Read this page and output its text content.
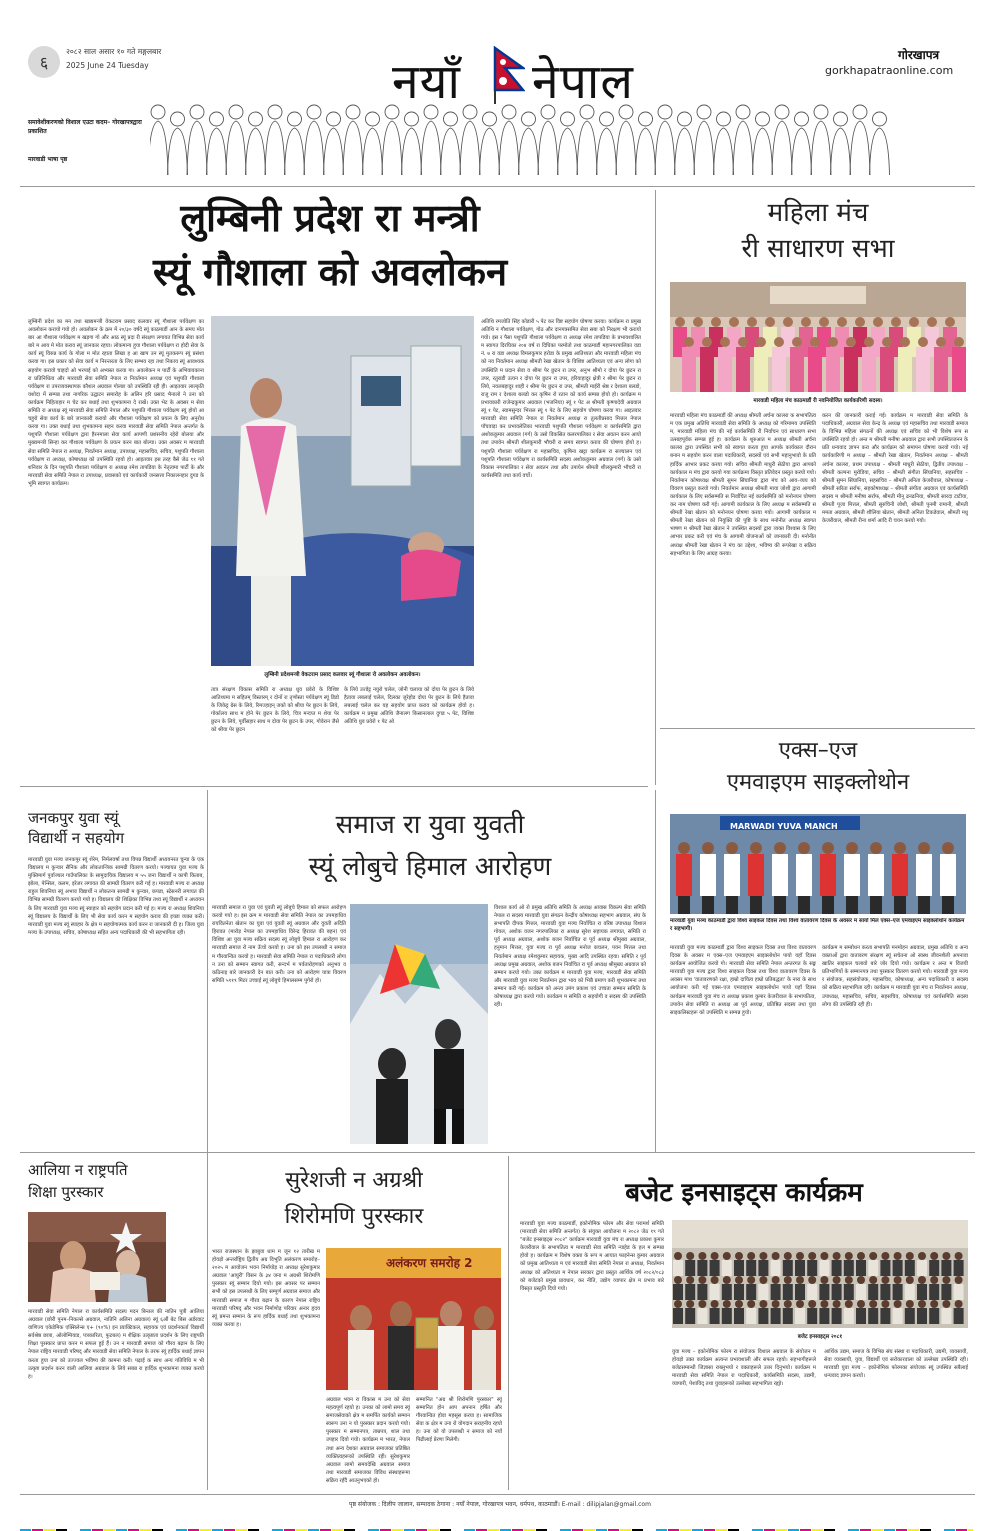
६
२०८२ साल असार १० गते मङ्गलबार
2025 June 24 Tuesday	नयाँ नेपाल	गोरखापत्र
gorkhapatraonline.com
समावेशीकरणको विशाल एउटा कदम– गोरखापत्रद्वारा प्रकाशित
मारवाडी भाषा पृष्ठ
लुम्बिनी प्रदेश रा मन्त्री
स्यूं गौशाला को अवलोकन
लुम्बिनी प्रदेश का मन तथा खाद्यमन्त्री वेकटराम प्रसाद कलवार स्यूं गौशाला पर्यवेक्षण का अवलोकन करायो गयो हो। अवलोकन के क्रम में २०/३० वर्षदे स्यूं काठमाडौं आन के समय मोत बार आ गौशाला पर्यवेक्षण म खड़गा गो और आठ स्यूं प्रदा री संरक्षण लगायत विभिन्न सेवा कार्य बारे म आय मे मोत कराव स्यूं जानकार रहया। लोकमान्य हुया गौशाला पर्यवेक्षण रा होदी सेवा के कार्य स्यूं विरुन्न कार्य के गोला म मोत रहाता लिखा ह आ खाप उन स्यूं मुतकरूप स्यूं प्रसंशा करया गा। इस प्रकार को सेवा कार्य म निरन्तरता के लिए सम्भव रहा तथा निकाय स्यूं आवश्यक सहयोग करावो चाहदो ओ भरपाई को अभ्यस्त करया गा। अवलोकन म पार्टी के अभिवावकाना रा प्रतिनिधित्व और मारवाडी सेवा समिति नेपाल रा निवर्तमान अध्यक्ष एवं पशुपति गौशाला पर्यवेक्षण रा उपरव्यवस्थापक कौशल अग्रवाल गोल्छा को उपस्थिति रही ही। आइतवार लाल्कृति यशोदा में सम्पन्न तथा नागरिक उद्घाटन समारोह के अलिन हरि प्रसाद भैनालो ने उना को कार्यक्रम निहिताहार म चेट कर बधाई तथा शुभकामना दे राखें। उक्त भेट के अवसर म सेवा समिति रा अध्यक्ष स्यूं मारवाडी सेवा समिति नेपाल और पशुपति गौशाला पर्यवेक्षण स्यूं होयो आ चहुरो सेवा कार्य के बारे जानकारी करायो और गौशाला पर्यवेक्षण को प्रयत्न के लिए अनुरोध करया गा। उक्त बधाई तथा शुभकामना सहन करवा मारवाडी सेवा समिति नेपाल अन्तर्गत के पशुपति गौशाला पर्यवेक्षण द्वारा हैरनमाला सेवा कार्य आपणी प्रशंसनीय रहेरो बोलया और मुख्यमन्त्री सिन्हा कर गौशाला पर्यवेक्षण के प्रयत्न करन बात बोल्या। उक्त अवसर म मारवाडी सेवा समिति नेपाल रा अध्यक्ष, निवर्तमान अध्यक्ष, उपाध्यक्ष, महासचिव, सचिव, पशुपति गौशाला पर्यवेक्षण रा अध्यक्ष, कोषाध्यक्ष को उपस्थिति रहयो हो। आइतवार इस तरह बैसे जेठ ११ गते शनिवार के दिन पशुपति गौशाला पर्यवेक्षण रा अध्यक्ष रमेश तापडिया के नेतृत्वमा पार्टी के और मारवाडी सेवा समिति नेपाल रा उपाध्यक्ष, प्रवासको एवं कार्यकारी जनसत्ता निकालनहार दुगड के भूमि स्वागत कार्यक्रम।
लुम्बिनी प्रदेशमन्त्री वेकटराम प्रसाद कलवार स्यूं गौशाला रो अवलोकन अवलोकन।
तात्र संरक्षण विकास समिति रा अध्यक्ष धुव प्रवेरो के विशिष्ट आतिथ्यमा म सहितम् विस्तारम् र दोनों रा तृणोस्ता पर्यवेक्षण स्यूं डिडो के जिकेट्ट ग्रेस के लिये, रिमज्हाइन् जको को श्रीया पेर छुटन के लिये, गोर्कालय साथ म होने पेर छुटन के लिये, चित्र मन्दप्त म शेया पेर छुटन के लिये, पूर्वीसहार साथ म दोया पेर छुटन के उपर, गोवेरान जैसे को श्रीया पेर छुटन
के लिये उज्डेट्ट नयुरो चलेल, जोनी चलाया को दोया पेर छुटन के लिये हैतावा लबलाई चलेल, दिलका जुरेहोड दोया पेर छुटन के लिये हैतावा लबलाई चलेल कर यह सहयोग प्राप्त कराव को कार्यक्रम होवो ह। कार्यक्रम म प्रमुख अतिथि जैनालग किसानलाल दुगड ५ पेट, विशिष्ट अतिथि धुव प्रवेरो १ पेट ओ
अतिथि रमजोति सिंह कोडारी ५ पेट कर विष्ट सहयोग घोषणा करया। कार्यक्रम रा प्रमुख अतिथि न गौशाला पर्यवेक्षण, गोठ और दानपत्रसमित सेवा सबा को निरक्षण भी करायो गयो। इस र पैसा पशुपति गौशाला पर्यवेक्षण रा अध्यक्ष रमेश तापडिया के प्रभावशालित म स्वागत दिरघिका २०४ वर्ष रा दिघिका परमोतो तथा काठमाडौं महानगरपालिका वडा नं. ७ रा वडा अध्यक्ष विमलकुमार हरोडा के प्रमुख आतिथ्यता और मारवाडी महिला मंच को नव निवर्तमान अध्यक्ष श्रीमती रेखा खेतान के विशिष्ट आतिथ्यता एवं अन्य लोगा को उपस्थिति म प्रदान सेवा व श्रीमा पेर छुटन रा उपर, अनुभ श्रीमो र दोया पेर छुटन रा उपर, रतुराडी उत्यन र दोया पेर छुटन रा उपर, हरियाहादुर क्षेत्री र श्रीमा पेर छुटन रा लिये, नवलबहादुर शाही र श्रीमा पेर छुटन रा उपर, श्रीमती माईरी श्रेष्ठ र देशाला बलडो, राजु राम र देशाला बलडो कर कृषिन रो रतान को कार्य सम्पन्न होयो हो। कार्यक्रम म प्रभावकारी राजेन्द्रकुमार अग्रवाल (भजनिया) स्यूं १ पेट अ श्रीमती कृष्णादेवी अग्रवाल स्यूं १ पेट, स्वामसुन्दर भित्तल स्यूं १ पेट के लिए सहयोग घोषणा करया गा। आइतवार मारवाडी सेवा समिति नेपाल रा निवर्तमान अध्यक्ष रा तुलतीप्रसाद मित्तल नेपाल पाँचवाड़ा कर प्रभावलेतिका भारवाडी पशुपति गौशाला पर्यवेक्षण रा कार्यसमिति द्वारा अशोककुमार अग्रवाल (गर्ग) के उसो विकसित कलरपालिका र सेवा अवतन करन आयो तथा उपायेन श्रीमती शीलकुमारी भौचरी रा समय स्वागत कराव की घोषणा होयो ह। पशुपति गौशाला पर्यवेक्षण रा महासचिव, कृषिना खट्टा कार्यक्रम रा सञ्चालन एवं पशुपति गौशाला पर्यवेक्षण रा कार्यसमिति सदस्य अशोककुमार अग्रवाल (गर्ग) के उसो विकास नगरपालिका र सेवा अवतन तथा और उपायेन श्रीमती शीलकुमारी भौचरी रा कार्यसमिति तथा कार्य वर्चो।
महिला मंच
री साधारण सभा
मारवाडी महिला मंच काठमाडौं री नवनियोजित कार्यकारिणी सदस्य।
मारवाडी महिला मंच काठमाडौं की अध्यक्ष श्रीमती अर्चना कालरा क सभापतित्व म एक प्रमुख अतिथि मारवाडी सेवा समिति के अध्यक्ष को गरिमामय उपस्थिति म, मारवाडी महिला मंच की नई कार्यसमिति री निर्वाचन एवं साधारण सभा उत्साहपूर्वक सम्पन्न हुई ह। कार्यक्रम के शुरुआत म अध्यक्ष श्रीमती अर्चना कालरा द्वारा उपस्थित सभी को स्वागत करता हुया आपके कार्यकाल दौरान बनान म सहयोग करन वाला पदाधिकारी, सदस्यों एवं सभी महानुभावो के प्रति हार्दिक आभार प्रकट करया गयो। सचिव श्रीमती माधुरी सेठीया द्वारा आपको कार्यकाल म मंच द्वारा करयो गया कार्यक्रमा विस्तृत प्रतिवेदन प्रस्तुत करयो गयो। निवर्तमान कोषाध्यक्ष श्रीमती सुमन सिंघानिया द्वारा मंच को आय–व्यय को विवरण प्रस्तुत करयो गयो। निवर्तमान अध्यक्ष श्रीमती माया जोशी द्वारा आगामी कार्यकाल के लिए सर्वसम्मति स निर्वाचित नई कार्यसमिति को मनोनयन घोषणा कर नाम घोषणा करी गई। आगामी कार्यकाल के लिए अध्यक्ष म सर्वसम्मति स श्रीमती रेखा खेतान को मनोनयन घोषणा करया गयो। आगामी कार्यकाल म श्रीमती रेखा खेतान को नियुक्ति की पुष्टि के साथ मनोनीत अध्यक्ष स्वागत भाषण म श्रीमती रेखा खेतान ने उपस्थित सदस्यों द्वारा व्यक्त विश्वास के लिए आभार प्रकट करी एवं मंच के आगामी योजनाओं को जानकारी दी। मनोनीत अध्यक्ष श्रीमती रेखा खेतान ने मंच का उद्देश्य, भविष्य की रूपरेखा व सक्रिय सहभागिता के लिए आग्रह करया।
करन की जानकारी कराई गई। कार्यक्रम म मारवाडी सेवा समिति के पदाधिकारी, अग्रवाल सेवा केन्द्र के अध्यक्ष एवं महासचिव तथा मारवाडी समाज के विभिन्न महिला संगठनों की अध्यक्ष एवं सचिव को भी विशेष रूप स उपस्थिति रहयो हो। अन्त म श्रीमती मनीषा अग्रवाल द्वारा सभी उपस्थितजनन के प्रति धन्यवाद ज्ञापन करा और कार्यक्रम को समापन घोषणा करयो गयो। नई कार्यकारिणी म अध्यक्ष – श्रीमती रेखा खेतान, निवर्तमान अध्यक्ष – श्रीमती अर्चना कालरा, प्रथम उपाध्यक्ष – श्रीमती माधुरी सेठीया, द्वितीय उपाध्यक्ष – श्रीमती कल्पना मुरोडिया, सचिव – श्रीमती संगीता सिंघानिया, सहसचिव – श्रीमती सुमन सिंघानिया, सहसचिव – श्रीमती अनिता केजरीवाल, कोषाध्यक्ष – श्रीमती सरिता सर्राफ, सहकोषाध्यक्ष – श्रीमती संगीता अग्रवाल एवं कार्यसमिति सदस्य म श्रीमती मनीषा सर्राफ, श्रीमती मीनू ढनढनिया, श्रीमती सारदा टाटीया, श्रीमती पूजा मित्तल, श्रीमती सुरुचिनी जोशी, श्रीमती पुनमी रामानी, श्रीमती ममता अग्रवाल, श्रीमती शौलिया खेतान, श्रीमती अनिता टिकडेवाल, श्रीमती मधु केजरीवाल, श्रीमती रीना शर्मा आदि री चयन करयो गयो।
एक्स–एज
एमवाइएम साइक्लोथोन
MARWADI YUVA MANCH
मारवाडी युवा मञ्च काठमाडौं द्वारा विश्व साइकल दिवस तथा विश्व वातावरण दिवस के अवसर म सायो मिल एक्स–एज एमवाइएम साइक्लोथोन कार्यक्रम र सहभागी।
मारवाडी युवा मञ्च काठमाडौं द्वारा विश्व साइकल दिवस तथा विश्व वातावरण दिवस के अवसर म एक्स–एज एमवाइएम साइक्लोथोन पायो यहाँ दिवस कार्यक्रम आयोजित करयो गो। मारवाडी सेवा समिति नेपाल अन्तरगत के सङ्घ मारवाडी युवा मञ्च द्वारा विश्व साइकल दिवस तथा विश्व वातावरण दिवस के अवसर माथ 'वातावरणको रक्षा, हाम्रो दायित्व हाम्रो प्रतिबद्धता' के नारा के साथ आयोजना करी गई एक्स–एज एमवाइएम साइक्लोथोन पायो यहाँ दिवस कार्यक्रम मारवाडी युवा मंच रा अध्यक्ष प्रकाश कुमार केजरीवाल के सभापतित्व, उपायेन सेवा समिति रा अध्यक्ष आ पूर्व अध्यक्ष, प्रतिष्ठित सदस्य तथा युवा साइकलिस्टहरू को उपस्थिति म सम्पन्न हुयो।
कार्यक्रम म सम्बोधन करता सभापति मनमोहन अग्रवाल, प्रमुख अतिथि व अन्य वक्ताओं द्वारा वातावरण संरक्षण स्यूं सचेतना ओ स्वस्थ जीवनशैली अपनावा खातिर साइकल चलावो बारे जोर दियो गयो। कार्यक्रम र अन्त म विजयी प्रतिभागियों के सम्मानपत्र तथा पुरस्कार वितरण करयो गयो। मारवाडी युवा मञ्च र संयोजक, सहसंयोजक, महासचिव, कोषाध्यक्ष, अन्य पदाधिकारी व सदस्य को सक्रिय सहभागिता रही। कार्यक्रम म मारवाडी युवा मंच रा निवर्तमान अध्यक्ष, उपाध्यक्ष, महासचिव, सचिव, सहसचिव, कोषाध्यक्ष एवं कार्यसमिति सदस्य लोगा की उपस्थिति रही ही।
जनकपुर युवा स्यूं
विद्यार्थी न सहयोग
मारवाडी युवा मञ्च जनकपुर स्यूं शेरेम, निर्मलवर्षा तथा विपन्न विद्यार्थी अध्ययनरत चुन्या के एक विद्यालय म कुन्वार सैनिक और लोकतान्त्रिक सामग्री वितरण करयो। पञ्चायत युवा मञ्च के मुक्तिमार्ग पुर्वाञ्चल गाउँपालिका के सामुदायिक विद्यालय म ५५ जना विद्यार्थी न कापी किताब, झोला, पेन्सिल, कलम, इरेजर लगायत की सामग्री वितरण करी गई ह। मारवाडी मञ्च रा अध्यक्ष राहुल शिवनिया स्यूं अभाव विद्यार्थी न लोकतन्त्र सामग्री म कुन्वार, कपडा, स्टेसनरी लगायत की विभिन्न सामग्री वितरण करयो गयो ह। विद्यालय की शिक्षिका विभिन्न तथ्य स्यूं विद्यार्थी न अध्ययन के लिए मारवाडी युवा मञ्च स्यूं स्याहार को सहयोग प्रदान करी गई ह। मञ्च रा अध्यक्ष शिवनिया स्यूं विद्यालय के विद्यार्थी के लिए भी सेवा कार्य करन म सहयोग कराव की इच्छा व्यक्त करी। मारवाडी युवा मञ्च स्यूं स्याहार के क्षेत्र म सहयोगात्मक कार्य करन रा जानकारी दी ह। जिला युवा मञ्च के उपाध्यक्ष, सचिव, कोषाध्यक्ष सहित अन्य पदाधिकारी की भी सहभागिता रही।
समाज रा युवा युवती
स्यूं लोबुचे हिमाल आरोहण
मारवाडी समाज रा युवा एवं युवती स्यूं लोबुचे हिमाल को सफल आरोहण करयो गयो ह। इस क्रम म मारवाडी सेवा समिति नेपाल का उपमहाधिव रायवितनेता खेतान का युवा एवं युवती स्यूं अग्रवाल और युवती अदिति हिरावत (मारोड़ नेपाल का उपमहाधिव विरेन्द्र हिरावत की बहन) एवं विशिष्ट आ युवा मञ्च सक्रिय सदस्य स्यूं लोबुचे हिमाल रा आरोहण कर मारवाडी समाज रो नाम ऊँचो करयो ह। उना को इस उपलब्धी न समाज म गौरवान्वित करयो ह। मारवाडी सेवा समिति नेपाल रा पदाधिकारी लोगा न उना को सम्मान स्वागत करी, सन्दर्भ म पर्वतारोहणको अनुभव व कठिनाइ बारे जानकारी देन बात करी। उना को आरोहण यात्रा विवरण समिति ५११९ मिटर उच्चाई स्यूं लोबुचे हिमालसम्म पुगेरो हो।
विशाल कार्य ओ रो प्रमुख अतिथि समिति के अध्यक्ष आवास विकल्प सेवा समिति नेपाल रा सदस्य मारवाडी युवा संगठन केन्द्रीय कोषाध्यक्ष सहभाग अग्रवाल, संघ के सभापति दीपक मित्तल, मारवाडी युवा मञ्च निर्वाचित रा वरिष्ठ उपाध्यक्ष विशाल गोयल, अशोक वजन नगरपालिका रा अध्यक्ष सुरेश सहायक लगायत, समिति रा पूर्व अध्यक्ष अग्रवाल, अशोक बजन निर्वाचित रा पूर्व अध्यक्ष श्रीमुख्य अग्रवाल, हनुमान मित्तल, युवा मञ्च रा पूर्व अध्यक्ष मनोज कचलन, पवन मित्तल तथा निवर्तमान अध्यक्ष रमेशकुमार सहायक, मुख्य आदि उपस्थित रहया। समिति र पूर्व अध्यक्ष प्रमुख अग्रवाल, अशोक बजन निर्वाचित रा पूर्व अध्यक्ष श्रीमुख्य अग्रवाल को सम्मान करयो गयो। उक्त कार्यक्रम म मारवाडी युवा मञ्च, मारवाडी सेवा समिति और मारवाडी युवा मञ्च निवर्तमान द्वारा भाव को भिन्नै प्रमाण करी शुभकामना तथा सम्मान करी गई। कार्यक्रम को अन्त्य उमंग प्रकाश एवं उच्चता सम्मान समिति के कोषाध्यक्ष द्वारा करयो गयो। कार्यक्रम म समिति रा सहयोगी व सदस्य की उपस्थिति रही।
आलिया न राष्ट्रपति
शिक्षा पुरस्कार
मारवाडी सेवा समिति नेपाल रा कार्यसमिति सदस्य मदन बिन्तल की नातिन पुत्री आलिया अग्रवाल (छोरी पुनम–निकल्से अग्रवाल, नातिनि अलिना अग्रवाल) स्यूं ६औं बेट बिस अर्डरवाट वाणिज्य एकेडेमिक एक्सिलेन्स ए+ (९०%) इन प्र्याक्टिकल, सहायक एवं प्रदर्शनकर्ता विद्यार्थी सर्वश्रेष्ठ छात्रा, ओलोम्पियाड, पत्रकारिता, फुटबल) म शैक्षिक उत्कृष्टता प्रदर्शन के लिए राष्ट्रपति शिक्षा पुरस्कार प्राप्त करन म सफल हुई हैं। उन न मारवाडी समाज को गौरव बढ़ान के लिए नेपाल राष्ट्रिय मारवाडी परिषद् और मारवाडी सेवा समिति नेपाल के तरफ स्यूं हार्दिक बधाई ज्ञापन करता हुया उना को उज्ज्वल भविष्य की कामना करी। पढ़ाई क साथ अन्य गतिविधि म भी उत्कृष्ट प्रदर्शन करन वाली आलिया अग्रवाल के लिये सबन्न रा हार्दिक शुभकामना व्यक्त करयो ह।
सुरेशजी न अग्रश्री
शिरोमणि पुरस्कार
भारत राजस्थान के झाबुवा धाम म जून १२ तारीख म होयड़ो अन्तर्राष्ट्रिय द्वितीय अग्र विभूति अलंकरण समारोह–२०२५ म आयोजन भवन निर्मायोड़ रा अध्यक्ष सुरेशकुमार अग्रवाल 'आयुरी' विसन के ३४ जना म अग्रश्री शिरोमणि पुरस्कार स्यूं सम्मान दियो गयो। इस अवसर पर सम्मान सभी को इस उपलब्धी के लिए सम्पूर्ण अग्रवाल समाज और मारवाडी समाज म गौरव बढ़ान के कारण नेपाल राष्ट्रिय मारवाडी परिषद् और भवन निर्माणोड़ परिवार अनार हृदय स्यूं प्रमन्त सम्मान के रूप हार्दिक बधाई तथा शुभकामना व्यक्त करया ह।
अलंकरण समरोह 2
अग्रवाल भवन रा विकास म उना को सेवा महत्वपूर्ण रहयो ह। उनका को लामो समय स्यूं समाजसेवाको क्षेत्र म समर्पित कार्यको सम्मान स्वरूप उना न यो पुरस्कार प्रदान करयो गयो। पुरस्कार म सम्मानपत्र, ताम्रपत्र, शाल तथा उपहार दियो गयो। कार्यक्रम म भारत, नेपाल तथा अन्य देशका अग्रवाल समाजका प्रतिष्ठित व्यक्तित्वहरूको उपस्थिति रही। सुरेशकुमार अग्रवाल लामो समयदेखि अग्रवाल समाज तथा मारवाडी समाजका विविध संस्थाहरूमा सक्रिय रहँदै आउनुभएको हो।
सम्मानित "अग्र श्री शिरोमणि पुरस्कार" स्यूं सम्मानित होन आप अपनान हर्षित और गौरवान्वित होवा महसूस करया ह। सामाजिक सेवा क क्षेत्र म उना रो योगदान सराहनीय रहयो ह। उना को यो उपलब्धी न समाज को नयाँ पिढीलाई प्रेरणा मिलेगी।
बजेट इनसाइट्स कार्यक्रम
मारवाडी युवा मञ्च काठमाडौं, इकोनोमिक फोरम और सेवा परामर्श समिति (मारवाडी सेवा समिति अन्तर्गत) के संयुक्त आयोजना म २०८२ जेठ १९ गते "बजेट इनसाइट्स २०८२" कार्यक्रम मारवाडी युवा मंच रा अध्यक्ष प्रकाश कुमार केजरीवाल के सभापतित्व म मारवाडी सेवा समिति न्याहेड के हल म सम्पन्न होयो ह। कार्यक्रम म विशेष वक्ता के रूप म आयात फाइनेन्स कुमार अग्रवाल को प्रमुख आतिथ्यता म एवं मारवाडी सेवा समिति नेपाल रा अध्यक्ष, निवर्तमान अध्यक्ष को अतिथ्यता म नेपाल सरकार द्वारा प्रस्तुत आर्थिक वर्ष २०८२/०८३ को बजेटको प्रमुख प्रावधान, कर नीति, उद्योग व्यापार क्षेत्र म प्रभाव बारे विस्तृत प्रस्तुति दियो गयो।
बजेट इनसाइट्स २०८१
युवा मञ्च – इकोनोमिक फोरम रा संयोजक विशाल अग्रवाल के संयोजन म होयड़ो उक्त कार्यक्रम अत्यन्त प्रभावशाली और सफल रहयो। सहभागीहरूले बजेटसम्बन्धी जिज्ञासा राख्नुभयो र वक्ताहरूले उत्तर दिनुभयो। कार्यक्रम म मारवाडी सेवा समिति नेपाल रा पदाधिकारी, कार्यसमिति सदस्य, उद्यमी, व्यापारी, पेशाविद् तथा युवाहरूको उल्लेख्य सहभागिता रह्यो।
आर्थिक उद्यम, समाज के विभिन्न संघ संस्था रा पदाधिकारी, उद्यमी, व्यवसायी, सेवा व्यवसायी, युवा, विद्यार्थी एवं सरोकारवाला को उल्लेख्य उपस्थिति रही। मारवाडी युवा मञ्च – इकोनोमिक फोरमका संयोजक स्यूं उपस्थित सबैलाई धन्यवाद ज्ञापन करयो।
पृष्ठ संयोजक : दिलीप जालान, सम्पादक ठेगाना : नयाँ नेपाल, गोरखापत्र भवन, धर्मपथ, काठमाडौं। E-mail : dilipjalan@gmail.com
